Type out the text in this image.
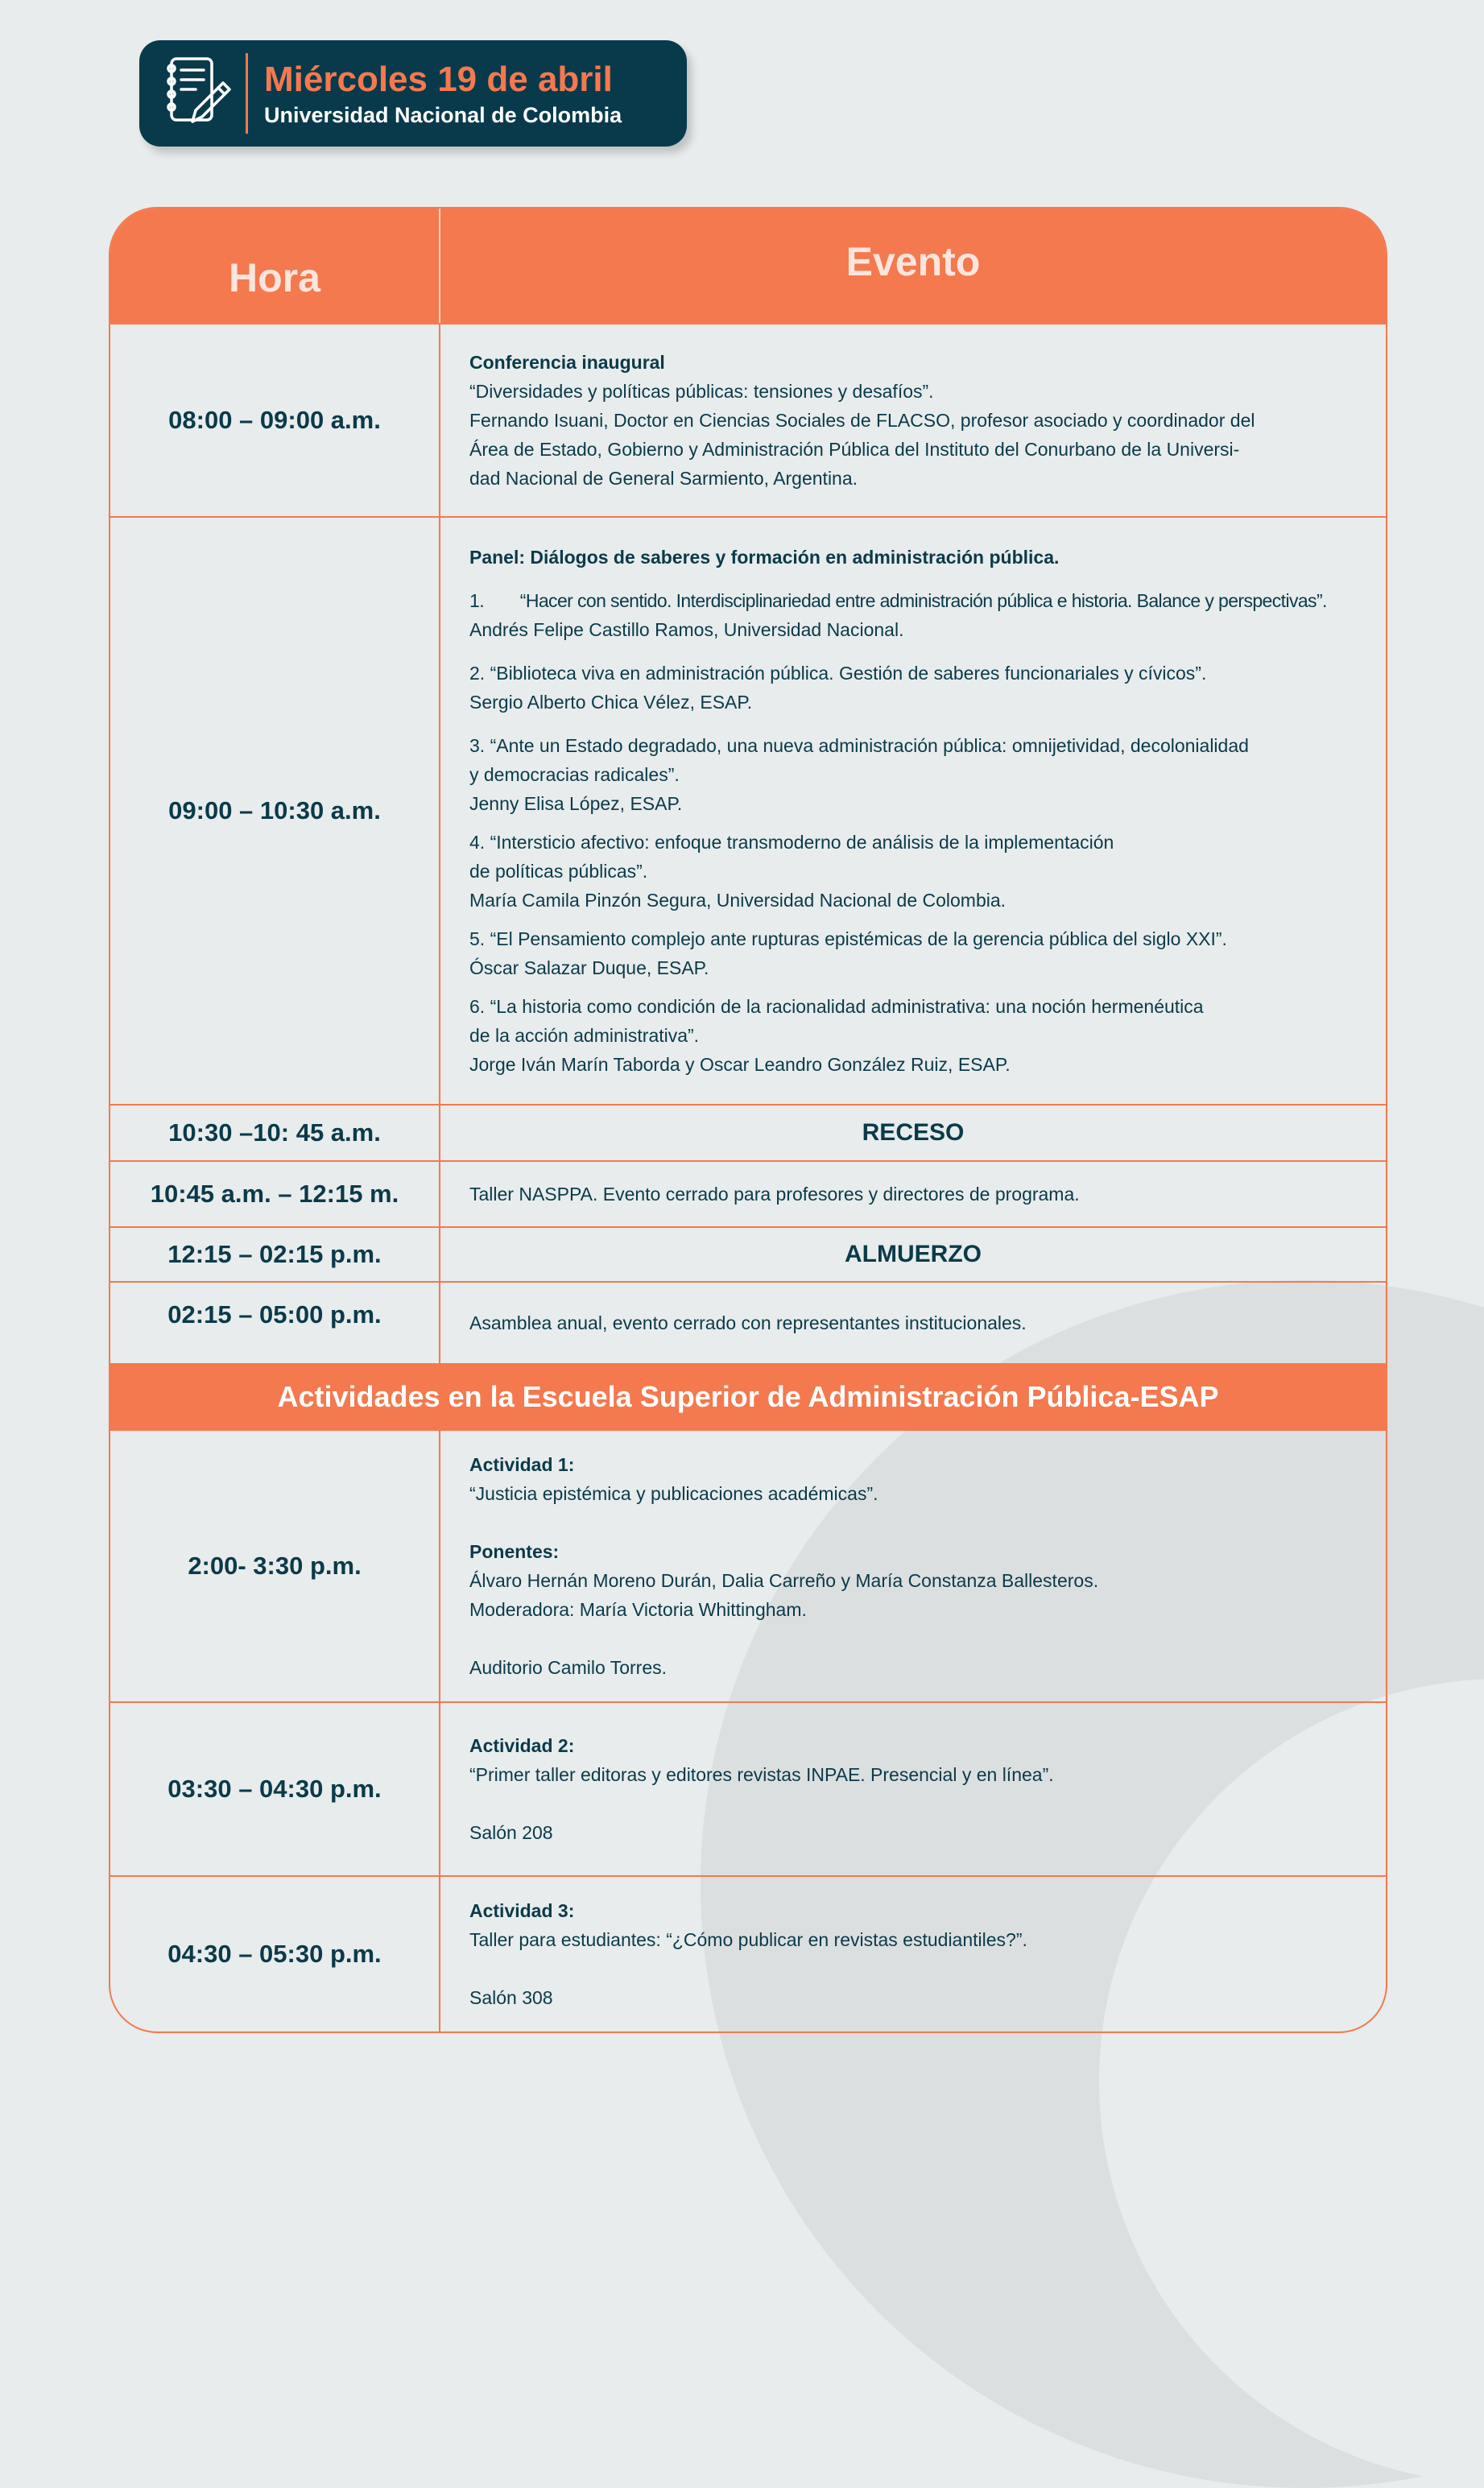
Miércoles 19 de abril
Universidad Nacional de Colombia
Hora	Evento
08:00 – 09:00 a.m.
Conferencia inaugural
“Diversidades y políticas públicas: tensiones y desafíos”.
Fernando Isuani, Doctor en Ciencias Sociales de FLACSO, profesor asociado y coordinador del
Área de Estado, Gobierno y Administración Pública del Instituto del Conurbano de la Universi-
dad Nacional de General Sarmiento, Argentina.
09:00 – 10:30 a.m.
Panel: Diálogos de saberes y formación en administración pública.
1.  “Hacer con sentido. Interdisciplinariedad entre administración pública e historia. Balance y perspectivas”.
Andrés Felipe Castillo Ramos, Universidad Nacional.
2. “Biblioteca viva en administración pública. Gestión de saberes funcionariales y cívicos”.
Sergio Alberto Chica Vélez, ESAP.
3. “Ante un Estado degradado, una nueva administración pública: omnijetividad, decolonialidad
y democracias radicales”.
Jenny Elisa López, ESAP.
4. “Intersticio afectivo: enfoque transmoderno de análisis de la implementación
de políticas públicas”.
María Camila Pinzón Segura, Universidad Nacional de Colombia.
5. “El Pensamiento complejo ante rupturas epistémicas de la gerencia pública del siglo XXI”.
Óscar Salazar Duque, ESAP.
6. “La historia como condición de la racionalidad administrativa: una noción hermenéutica
de la acción administrativa”.
Jorge Iván Marín Taborda y Oscar Leandro González Ruiz, ESAP.
10:30 –10: 45 a.m.	RECESO
10:45 a.m. – 12:15 m.	Taller NASPPA. Evento cerrado para profesores y directores de programa.
12:15 – 02:15 p.m.	ALMUERZO
02:15 – 05:00 p.m.	Asamblea anual, evento cerrado con representantes institucionales.
Actividades en la Escuela Superior de Administración Pública-ESAP
2:00- 3:30 p.m.
Actividad 1:
“Justicia epistémica y publicaciones académicas”.
Ponentes:
Álvaro Hernán Moreno Durán, Dalia Carreño y María Constanza Ballesteros.
Moderadora: María Victoria Whittingham.
Auditorio Camilo Torres.
03:30 – 04:30 p.m.
Actividad 2:
“Primer taller editoras y editores revistas INPAE. Presencial y en línea”.
Salón 208
04:30 – 05:30 p.m.
Actividad 3:
Taller para estudiantes: “¿Cómo publicar en revistas estudiantiles?”.
Salón 308
